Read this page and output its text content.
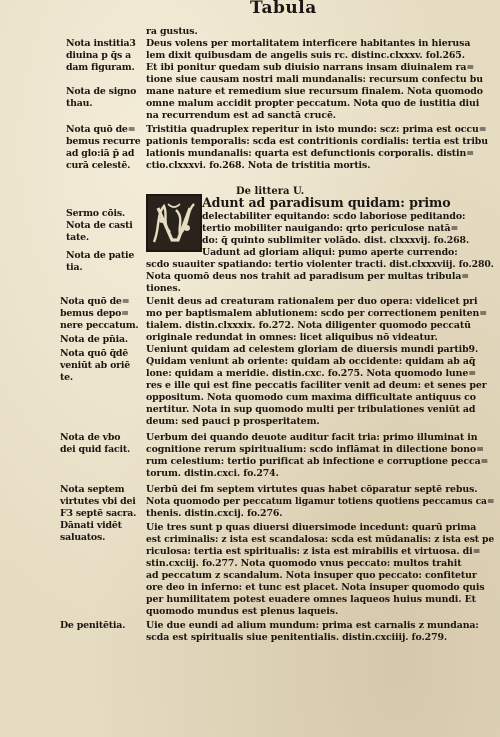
Tabula
ra gustus.
Deus volens per mortalitatem interficere habitantes in hierusa
lem dixit quibusdam de angelis suis rc. distinc.clxxxv. fol.265.
Et ibi ponitur quedam sub diuisio narrans insam diuinalem ra=
tione siue causam nostri mali mundanalis: recursum confectu bu
mane nature et remedium siue recursum finalem. Nota quomodo
omne malum accidit propter peccatum. Nota quo de iustitia diui
na recurrendum est ad sanctā crucē.
Tristitia quadruplex reperitur in isto mundo: scz: prima est occu=
pationis temporalis: scda est contritionis cordialis: tertia est tribu
lationis mundanalis: quarta est defunctionis corporalis. distin=
ctio.clxxxvi. fo.268. Nota de tristitia mortis.
Nota institia3
diuina p q̄s a
dam figuram.
Nota de signo
thau.
Nota quō de=
bemus recurre
ad glo:iā p̄ ad
curā celestē.
De littera U.
Adunt ad paradisum quidam: primo
delectabiliter equitando: scdo laboriose peditando:
tertio mobiliter nauigando: qrto periculose natā=
do: q̄ quinto sublimiter volādo. dist. clxxxvij. fo.268.
Uadunt ad gloriam aliqui: pumo aperte currendo:
scdo suauiter spatiando: tertio violenter tracti. dist.clxxxviij. fo.280.
Nota quomō deus nos trahit ad paradisum per multas tribula=
tiones.
Sermo cōis.
Nota de casti
tate.
Nota de patie
tia.
Uenit deus ad creaturam rationalem per duo opera: videlicet pri
mo per baptismalem ablutionem: scdo per correctionem peniten=
tialem. distin.clxxxix. fo.272. Nota diligenter quomodo peccatū
originale redundat in omnes: licet aliquibus nō videatur.
Ueniunt quidam ad celestem gloriam de diuersis mundi partib9.
Quidam veniunt ab oriente: quidam ab occidente: quidam ab aq̄
lone: quidam a meridie. distin.cxc. fo.275. Nota quomodo lune=
res e ille qui est fine peccatis faciliter venit ad deum: et senes per
oppositum. Nota quomodo cum maxima difficultate antiquus co
nertitur. Nota in sup quomodo multi per tribulationes veniūt ad
deum: sed pauci p prosperitatem.
Uerbum dei quando deuote auditur facit tria: primo illuminat in
cognitione rerum spiritualium: scdo inflāmat in dilectione bono=
rum celestium: tertio purificat ab infectione e corruptione pecca=
torum. distin.cxci. fo.274.
Uerbū dei fm septem virtutes quas habet cōparatur septē rebus.
Nota quomodo per peccatum ligamur totiens quotiens peccamus ca=
thenis. distin.cxcij. fo.276.
Uie tres sunt p quas diuersi diuersimode incedunt: quarū prima
est criminalis: z ista est scandalosa: scda est mūdanalis: z ista est pe
riculosa: tertia est spiritualis: z ista est mirabilis et virtuosa. di=
stin.cxciij. fo.277. Nota quomodo vnus peccato: multos trahit
ad peccatum z scandalum. Nota insuper quo peccato: confitetur
ore deo in inferno: et tunc est placet. Nota insuper quomodo quis
per humilitatem potest euadere omnes laqueos huius mundi. Et
quomodo mundus est plenus laqueis.
Uie due eundi ad alium mundum: prima est carnalis z mundana:
scda est spiritualis siue penitentialis. distin.cxciiij. fo.279.
Nota quō de=
bemus depo=
nere peccatum.
Nota de pn̄ia.
Nota quō q̄dē
veniūt ab oriē
te.
Nota de vbo
dei quid facit.
Nota septem
virtutes vbi dei
F3 septē sacra.
Dānati vidēt
saluatos.
De penitētia.
